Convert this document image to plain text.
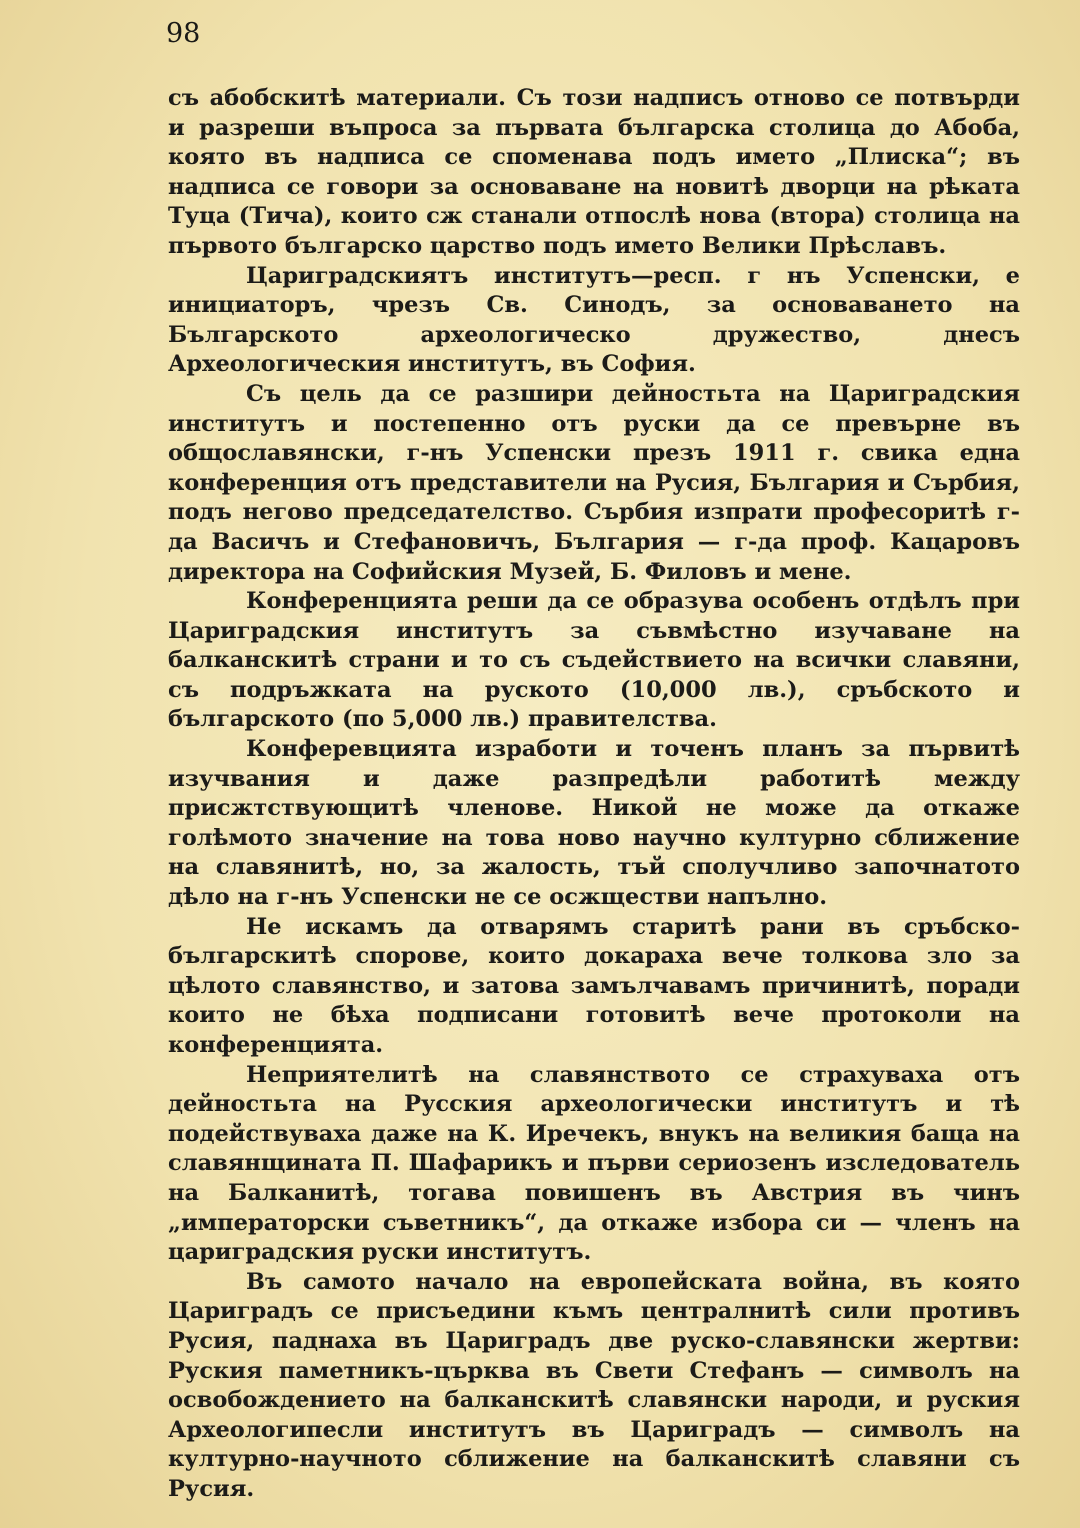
98

съ абобскитѣ материали. Съ този надписъ отново се потвърди и разреши въпроса за първата българска столица до Абоба, която въ надписа се споменава подъ името „Плиска“; въ надписа се говори за основаване на новитѣ дворци на рѣката Туца (Тича), които сж станали отпослѣ нова (втора) столица на първото българско царство подъ името Велики Прѣславъ.

Цариградскиятъ институтъ—респ. г нъ Успенски, е инициаторъ, чрезъ Св. Синодъ, за основаването на Българското археологическо дружество, днесъ Археологическия институтъ, въ София.

Съ цель да се разшири дейностьта на Цариградския институтъ и постепенно отъ руски да се превърне въ общославянски, г-нъ Успенски презъ 1911 г. свика една конференция отъ представители на Русия, България и Сърбия, подъ негово председателство. Сърбия изпрати професоритѣ г-да Васичъ и Стефановичъ, България — г-да проф. Кацаровъ директора на Софийския Музей, Б. Филовъ и мене.

Конференцията реши да се образува особенъ отдѣлъ при Цариградския институтъ за съвмѣстно изучаване на балканскитѣ страни и то съ съдействието на всички славяни, съ подръжката на руското (10,000 лв.), сръбското и българското (по 5,000 лв.) правителства.

Конферевцията изработи и точенъ планъ за първитѣ изучвания и даже разпредѣли работитѣ между присжтствующитѣ членове. Никой не може да откаже голѣмото значение на това ново научно културно сближение на славянитѣ, но, за жалость, тъй сполучливо започнатото дѣло на г-нъ Успенски не се осжществи напълно.

Не искамъ да отварямъ старитѣ рани въ сръбско-българскитѣ спорове, които докараха вече толкова зло за цѣлото славянство, и затова замълчавамъ причинитѣ, поради които не бѣха подписани готовитѣ вече протоколи на конференцията.

Неприятелитѣ на славянството се страхуваха отъ дейностьта на Русския археологически институтъ и тѣ подействуваха даже на К. Иречекъ, внукъ на великия баща на славянщината П. Шафарикъ и първи сериозенъ изследователь на Балканитѣ, тогава повишенъ въ Австрия въ чинъ „императорски съветникъ“, да откаже избора си — членъ на цариградския руски институтъ.

Въ самото начало на европейската война, въ която Цариградъ се присъедини къмъ централнитѣ сили противъ Русия, паднаха въ Цариградъ две руско-славянски жертви: Руския паметникъ-църква въ Свети Стефанъ — символъ на освобождението на балканскитѣ славянски народи, и руския Археологипесли институтъ въ Цариградъ — символъ на културно-научното сближение на балканскитѣ славяни съ Русия.
